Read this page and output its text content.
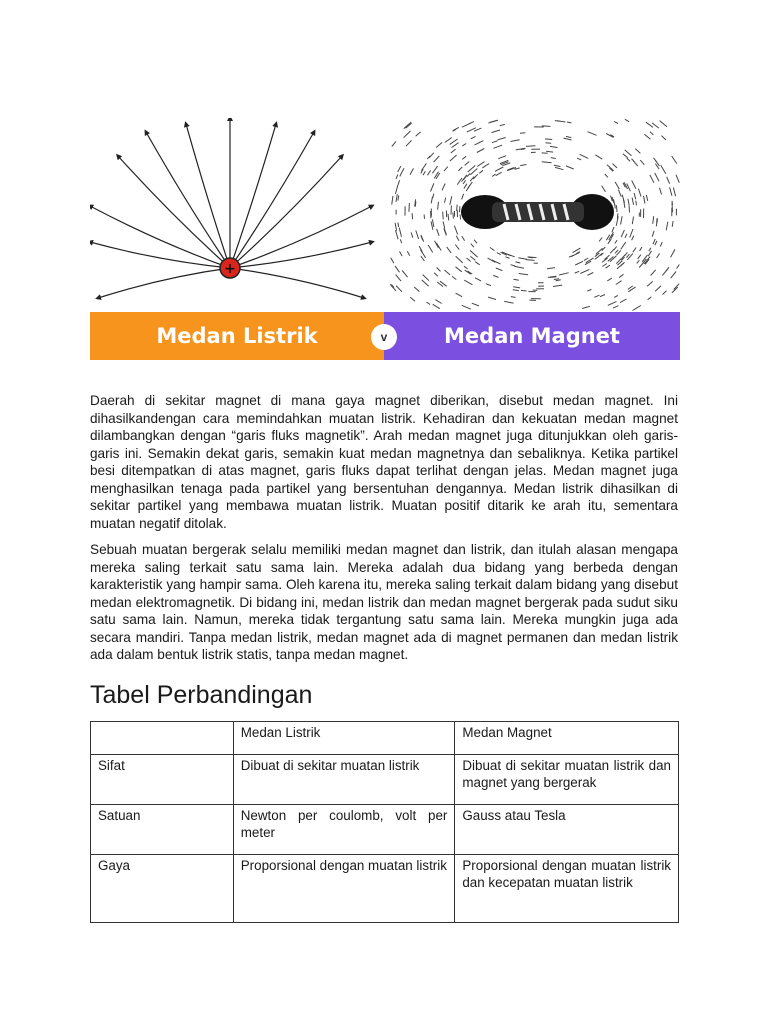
+
Medan Listrik	Medan Magnet
v

Daerah di sekitar magnet di mana gaya magnet diberikan, disebut medan magnet. Ini dihasilkandengan cara memindahkan muatan listrik. Kehadiran dan kekuatan medan magnet dilambangkan dengan “garis fluks magnetik”. Arah medan magnet juga ditunjukkan oleh garis-garis ini. Semakin dekat garis, semakin kuat medan magnetnya dan sebaliknya. Ketika partikel besi ditempatkan di atas magnet, garis fluks dapat terlihat dengan jelas. Medan magnet juga menghasilkan tenaga pada partikel yang bersentuhan dengannya. Medan listrik dihasilkan di sekitar partikel yang membawa muatan listrik. Muatan positif ditarik ke arah itu, sementara muatan negatif ditolak.

Sebuah muatan bergerak selalu memiliki medan magnet dan listrik, dan itulah alasan mengapa mereka saling terkait satu sama lain. Mereka adalah dua bidang yang berbeda dengan karakteristik yang hampir sama. Oleh karena itu, mereka saling terkait dalam bidang yang disebut medan elektromagnetik. Di bidang ini, medan listrik dan medan magnet bergerak pada sudut siku satu sama lain. Namun, mereka tidak tergantung satu sama lain. Mereka mungkin juga ada secara mandiri. Tanpa medan listrik, medan magnet ada di magnet permanen dan medan listrik ada dalam bentuk listrik statis, tanpa medan magnet.

Tabel Perbandingan
	Medan Listrik	Medan Magnet
Sifat	Dibuat di sekitar muatan listrik	Dibuat di sekitar muatan listrik dan magnet yang bergerak
Satuan	Newton per coulomb, volt per meter	Gauss atau Tesla
Gaya	Proporsional dengan muatan listrik	Proporsional dengan muatan listrik dan kecepatan muatan listrik
